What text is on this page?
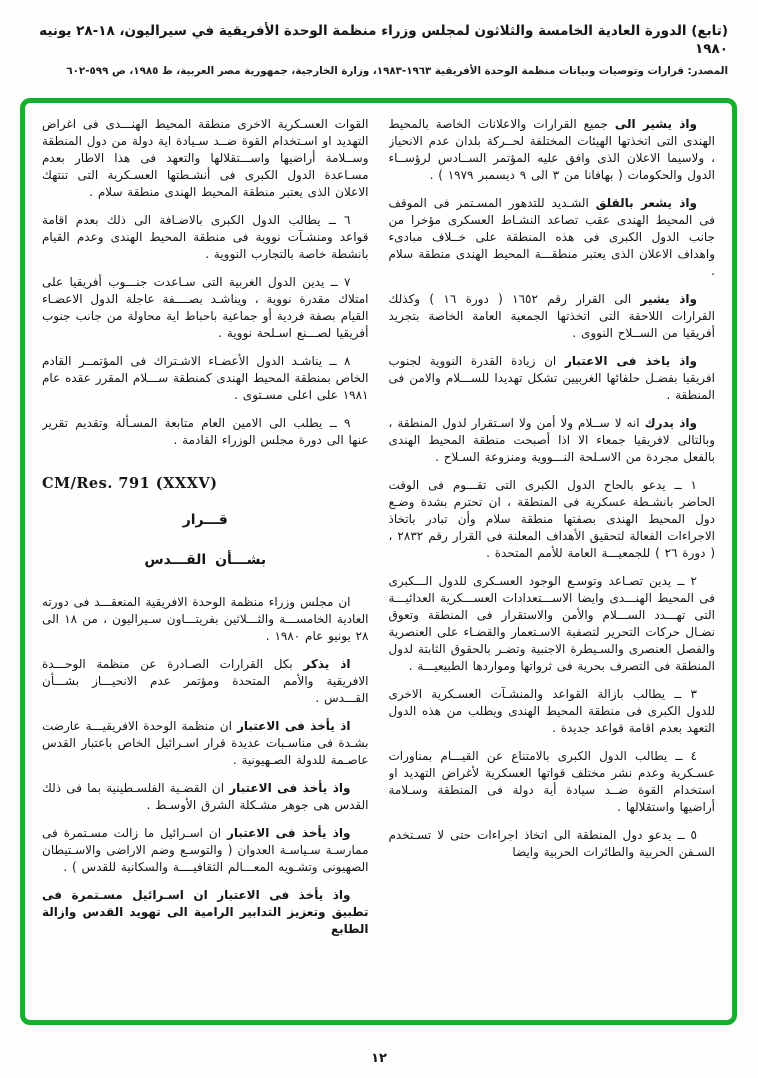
(تابع) الدورة العادية الخامسة والثلاثون لمجلس وزراء منظمة الوحدة الأفريقية في سيراليون، ١٨-٢٨ يونيه ١٩٨٠
المصدر: قرارات وتوصيات وبيانات منظمة الوحدة الأفريقية ١٩٦٣-١٩٨٣، وزارة الخارجية، جمهورية مصر العربية، ط ١٩٨٥، ص ٥٩٩-٦٠٢

واذ يشير الى جميع القرارات والاعلانات الخاصة بالمحيط الهندى التى اتخذتها الهيئات المختلفة لحــركة بلدان عدم الانحياز ، ولاسيما الاعلان الذى وافق عليه المؤتمر الســادس لرؤســاء الدول والحكومات ( بهافانا من ٣ الى ٩ ديسمبر ١٩٧٩ ) .

واذ يشعر بالقلق الشـديد للتدهور المسـتمر فى الموقف فى المحيط الهندى عقب تصاعد النشـاط العسكرى مؤخرا من جانب الدول الكبرى فى هذه المنطقة على خــلاف مبادىء واهداف الاعلان الذى يعتبر منطقـــة المحيط الهندى منطقة سلام .

واذ يشير الى القرار رقم ١٦٥٢ ( دورة ١٦ ) وكذلك القرارات اللاحقة التى اتخذتها الجمعية العامة الخاصة بتجريد أفريقيا من الســلاح النووى .

واذ ياخذ فى الاعتبار ان زيادة القدرة النووية لجنوب افريقيا بفضـل حلفائها الغربيين تشكل تهديدا للســـلام والامن فى المنطقة .

واذ يدرك انه لا ســلام ولا أمن ولا اسـتقرار لدول المنطقة ، وبالتالى لافريقيا جمعاء الا اذا أصبحت منطقة المحيط الهندى بالفعل مجردة من الاسـلحة النـــووية ومنزوعة السـلاح .

١ ــ يدعو بالحاح الدول الكبرى التى تقـــوم فى الوقت الحاضر بانشـطة عسكرية فى المنطقة ، ان تحترم بشدة وضـع دول المحيط الهندى بصفتها منطقة سلام وأن تبادر باتخاذ الاجراءات الفعالة لتحقيق الأهداف المعلنة فى القرار رقم ٢٨٣٢ ، ( دورة ٢٦ ) للجمعيـــة العامة للأمم المتحدة .

٢ ــ يدين تصـاعد وتوسـع الوجود العسـكرى للدول الـــكبرى فى المحيط الهنـــدى وايضا الاســـتعدادات العســـكرية العدائيـــة التى تهـــدد الســـلام والأمن والاستقرار فى المنطقة وتعوق نضـال حركات التحرير لتصفية الاسـتعمار والقضـاء على العنصرية والفصل العنصرى والسـيطرة الاجنبية وتضـر بالحقوق الثابتة لدول المنطقة فى التصرف بحرية فى ثرواتها ومواردها الطبيعيـــة .

٣ ــ يطالب بازالة القواعد والمنشـآت العسـكرية الاخرى للدول الكبرى فى منطقة المحيط الهندى ويطلب من هذه الدول التعهد بعدم اقامة قواعد جديدة .

٤ ــ يطالب الدول الكبرى بالامتناع عن القيـــام بمناورات عسـكرية وعدم نشر مختلف قواتها العسكرية لأغراض التهديد او استخدام القوة ضــد سيادة أية دولة فى المنطقة وسـلامة أراضيها واستقلالها .

٥ ــ يدعو دول المنطقة الى اتخاذ اجراءات حتى لا تسـتخدم السـفن الحربية والطائرات الحربية وايضا

القوات العسـكرية الاخرى منطقة المحيط الهنـــدى فى اغراض التهديد او اسـتخدام القوة ضــد سـيادة اية دولة من دول المنطقة وســلامة أراضيها واســـتقلالها والتعهد فى هذا الاطار بعدم مسـاعدة الدول الكبرى فى أنشـطتها العسـكرية التى تنتهك الاعلان الذى يعتبر منطقة المحيط الهندى منطقة سلام .

٦ ــ يطالب الدول الكبرى بالاضـافة الى ذلك بعدم اقامة قواعد ومنشـآت نووية فى منطقة المحيط الهندى وعدم القيام بانشطة خاصة بالتجارب النووية .

٧ ــ يدين الدول الغربية التى سـاعدت جنـــوب أفريقيا على امتلاك مقدرة نووية ، ويناشـد بصــــفة عاجلة الدول الاعضـاء القيام بصفة فردية أو جماعية باحباط اية محاولة من جانب جنوب أفريقيا لصـــنع اسـلحة نووية .

٨ ــ يناشـد الدول الأعضـاء الاشـتراك فى المؤتمــر القادم الخاص بمنطقة المحيط الهندى كمنطقة ســـلام المقرر عقده عام ١٩٨١ على اعلى مسـتوى .

٩ ــ يطلب الى الامين العام متابعة المسـألة وتقديم تقرير عنها الى دورة مجلس الوزراء القادمة .

CM/Res. 791 (XXXV)
قـــرار
بشـــأن القـــدس

ان مجلس وزراء منظمة الوحدة الافريقية المنعقـــد فى دورته العادية الخامســـة والثـــلاثين بفريتـــاون سـيراليون ، من ١٨ الى ٢٨ يونيو عام ١٩٨٠ .

اذ يذكر بكل القرارات الصـادرة عن منظمة الوحـــدة الافريقية والأمم المتحدة ومؤتمر عدم الانحيـــاز بشـــأن القـــدس .

اذ يأخذ فى الاعتبار ان منظمة الوحدة الافريقيـــة عارضت بشـدة فى مناسـبات عديدة قرار اسـرائيل الخاص باعتبار القدس عاصـمة للدولة الصـهيونية .

واذ يأخذ فى الاعتبار ان القضـية الفلسـطينية بما فى ذلك القدس هى جوهر مشـكلة الشرق الأوسـط .

واذ يأخذ فى الاعتبار ان اسـرائيل ما زالت مسـتمرة فى ممارسـة سـياسـة العدوان ( والتوسـع وضم الاراضى والاسـتيطان الصهيونى وتشـويه المعـــالم الثقافيــــة والسكانية للقدس ) .

واذ يأخذ فى الاعتبار ان اسـرائيل مسـتمرة فى تطبيق وتعزيز التدابير الرامية الى تهويد القدس وازالة الطابع

١٢
